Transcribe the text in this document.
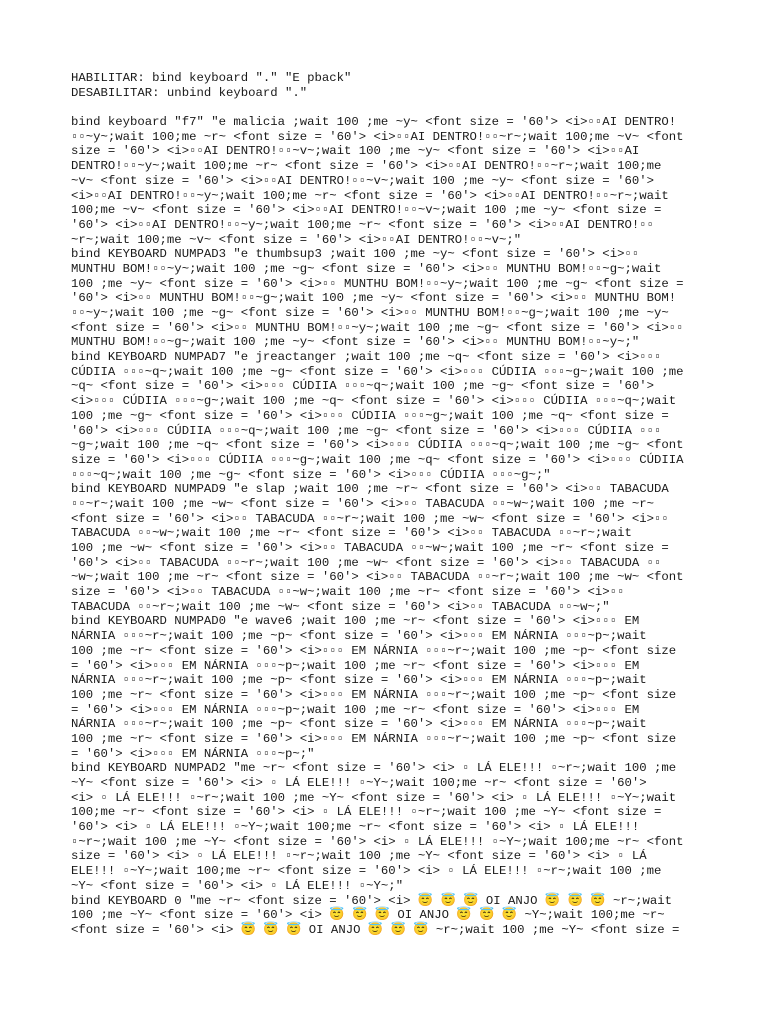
HABILITAR: bind keyboard "." "E pback"
DESABILITAR: unbind keyboard "."
bind keyboard "f7" "e malicia ;wait 100 ;me ~y~ <font size = '60'> <i>▫▫AI DENTRO!
▫▫~y~;wait 100;me ~r~ <font size = '60'> <i>▫▫AI DENTRO!▫▫~r~;wait 100;me ~v~ <font
size = '60'> <i>▫▫AI DENTRO!▫▫~v~;wait 100 ;me ~y~ <font size = '60'> <i>▫▫AI
DENTRO!▫▫~y~;wait 100;me ~r~ <font size = '60'> <i>▫▫AI DENTRO!▫▫~r~;wait 100;me
~v~ <font size = '60'> <i>▫▫AI DENTRO!▫▫~v~;wait 100 ;me ~y~ <font size = '60'>
<i>▫▫AI DENTRO!▫▫~y~;wait 100;me ~r~ <font size = '60'> <i>▫▫AI DENTRO!▫▫~r~;wait
100;me ~v~ <font size = '60'> <i>▫▫AI DENTRO!▫▫~v~;wait 100 ;me ~y~ <font size =
'60'> <i>▫▫AI DENTRO!▫▫~y~;wait 100;me ~r~ <font size = '60'> <i>▫▫AI DENTRO!▫▫
~r~;wait 100;me ~v~ <font size = '60'> <i>▫▫AI DENTRO!▫▫~v~;"
bind KEYBOARD NUMPAD3 "e thumbsup3 ;wait 100 ;me ~y~ <font size = '60'> <i>▫▫
MUNTHU BOM!▫▫~y~;wait 100 ;me ~g~ <font size = '60'> <i>▫▫ MUNTHU BOM!▫▫~g~;wait
100 ;me ~y~ <font size = '60'> <i>▫▫ MUNTHU BOM!▫▫~y~;wait 100 ;me ~g~ <font size =
'60'> <i>▫▫ MUNTHU BOM!▫▫~g~;wait 100 ;me ~y~ <font size = '60'> <i>▫▫ MUNTHU BOM!
▫▫~y~;wait 100 ;me ~g~ <font size = '60'> <i>▫▫ MUNTHU BOM!▫▫~g~;wait 100 ;me ~y~
<font size = '60'> <i>▫▫ MUNTHU BOM!▫▫~y~;wait 100 ;me ~g~ <font size = '60'> <i>▫▫
MUNTHU BOM!▫▫~g~;wait 100 ;me ~y~ <font size = '60'> <i>▫▫ MUNTHU BOM!▫▫~y~;"
bind KEYBOARD NUMPAD7 "e jreactanger ;wait 100 ;me ~q~ <font size = '60'> <i>▫▫▫
CÚDIIA ▫▫▫~q~;wait 100 ;me ~g~ <font size = '60'> <i>▫▫▫ CÚDIIA ▫▫▫~g~;wait 100 ;me
~q~ <font size = '60'> <i>▫▫▫ CÚDIIA ▫▫▫~q~;wait 100 ;me ~g~ <font size = '60'>
<i>▫▫▫ CÚDIIA ▫▫▫~g~;wait 100 ;me ~q~ <font size = '60'> <i>▫▫▫ CÚDIIA ▫▫▫~q~;wait
100 ;me ~g~ <font size = '60'> <i>▫▫▫ CÚDIIA ▫▫▫~g~;wait 100 ;me ~q~ <font size =
'60'> <i>▫▫▫ CÚDIIA ▫▫▫~q~;wait 100 ;me ~g~ <font size = '60'> <i>▫▫▫ CÚDIIA ▫▫▫
~g~;wait 100 ;me ~q~ <font size = '60'> <i>▫▫▫ CÚDIIA ▫▫▫~q~;wait 100 ;me ~g~ <font
size = '60'> <i>▫▫▫ CÚDIIA ▫▫▫~g~;wait 100 ;me ~q~ <font size = '60'> <i>▫▫▫ CÚDIIA
▫▫▫~q~;wait 100 ;me ~g~ <font size = '60'> <i>▫▫▫ CÚDIIA ▫▫▫~g~;"
bind KEYBOARD NUMPAD9 "e slap ;wait 100 ;me ~r~ <font size = '60'> <i>▫▫ TABACUDA
▫▫~r~;wait 100 ;me ~w~ <font size = '60'> <i>▫▫ TABACUDA ▫▫~w~;wait 100 ;me ~r~
<font size = '60'> <i>▫▫ TABACUDA ▫▫~r~;wait 100 ;me ~w~ <font size = '60'> <i>▫▫
TABACUDA ▫▫~w~;wait 100 ;me ~r~ <font size = '60'> <i>▫▫ TABACUDA ▫▫~r~;wait
100 ;me ~w~ <font size = '60'> <i>▫▫ TABACUDA ▫▫~w~;wait 100 ;me ~r~ <font size =
'60'> <i>▫▫ TABACUDA ▫▫~r~;wait 100 ;me ~w~ <font size = '60'> <i>▫▫ TABACUDA ▫▫
~w~;wait 100 ;me ~r~ <font size = '60'> <i>▫▫ TABACUDA ▫▫~r~;wait 100 ;me ~w~ <font
size = '60'> <i>▫▫ TABACUDA ▫▫~w~;wait 100 ;me ~r~ <font size = '60'> <i>▫▫
TABACUDA ▫▫~r~;wait 100 ;me ~w~ <font size = '60'> <i>▫▫ TABACUDA ▫▫~w~;"
bind KEYBOARD NUMPAD0 "e wave6 ;wait 100 ;me ~r~ <font size = '60'> <i>▫▫▫ EM
NÁRNIA ▫▫▫~r~;wait 100 ;me ~p~ <font size = '60'> <i>▫▫▫ EM NÁRNIA ▫▫▫~p~;wait
100 ;me ~r~ <font size = '60'> <i>▫▫▫ EM NÁRNIA ▫▫▫~r~;wait 100 ;me ~p~ <font size
= '60'> <i>▫▫▫ EM NÁRNIA ▫▫▫~p~;wait 100 ;me ~r~ <font size = '60'> <i>▫▫▫ EM
NÁRNIA ▫▫▫~r~;wait 100 ;me ~p~ <font size = '60'> <i>▫▫▫ EM NÁRNIA ▫▫▫~p~;wait
100 ;me ~r~ <font size = '60'> <i>▫▫▫ EM NÁRNIA ▫▫▫~r~;wait 100 ;me ~p~ <font size
= '60'> <i>▫▫▫ EM NÁRNIA ▫▫▫~p~;wait 100 ;me ~r~ <font size = '60'> <i>▫▫▫ EM
NÁRNIA ▫▫▫~r~;wait 100 ;me ~p~ <font size = '60'> <i>▫▫▫ EM NÁRNIA ▫▫▫~p~;wait
100 ;me ~r~ <font size = '60'> <i>▫▫▫ EM NÁRNIA ▫▫▫~r~;wait 100 ;me ~p~ <font size
= '60'> <i>▫▫▫ EM NÁRNIA ▫▫▫~p~;"
bind KEYBOARD NUMPAD2 "me ~r~ <font size = '60'> <i> ▫ LÁ ELE!!! ▫~r~;wait 100 ;me
~Y~ <font size = '60'> <i> ▫ LÁ ELE!!! ▫~Y~;wait 100;me ~r~ <font size = '60'>
<i> ▫ LÁ ELE!!! ▫~r~;wait 100 ;me ~Y~ <font size = '60'> <i> ▫ LÁ ELE!!! ▫~Y~;wait
100;me ~r~ <font size = '60'> <i> ▫ LÁ ELE!!! ▫~r~;wait 100 ;me ~Y~ <font size =
'60'> <i> ▫ LÁ ELE!!! ▫~Y~;wait 100;me ~r~ <font size = '60'> <i> ▫ LÁ ELE!!!
▫~r~;wait 100 ;me ~Y~ <font size = '60'> <i> ▫ LÁ ELE!!! ▫~Y~;wait 100;me ~r~ <font
size = '60'> <i> ▫ LÁ ELE!!! ▫~r~;wait 100 ;me ~Y~ <font size = '60'> <i> ▫ LÁ
ELE!!! ▫~Y~;wait 100;me ~r~ <font size = '60'> <i> ▫ LÁ ELE!!! ▫~r~;wait 100 ;me
~Y~ <font size = '60'> <i> ▫ LÁ ELE!!! ▫~Y~;"
bind KEYBOARD 0 "me ~r~ <font size = '60'> <i> 😇 😇 😇 OI ANJO 😇 😇 😇 ~r~;wait
100 ;me ~Y~ <font size = '60'> <i> 😇 😇 😇 OI ANJO 😇 😇 😇 ~Y~;wait 100;me ~r~
<font size = '60'> <i> 😇 😇 😇 OI ANJO 😇 😇 😇 ~r~;wait 100 ;me ~Y~ <font size =
